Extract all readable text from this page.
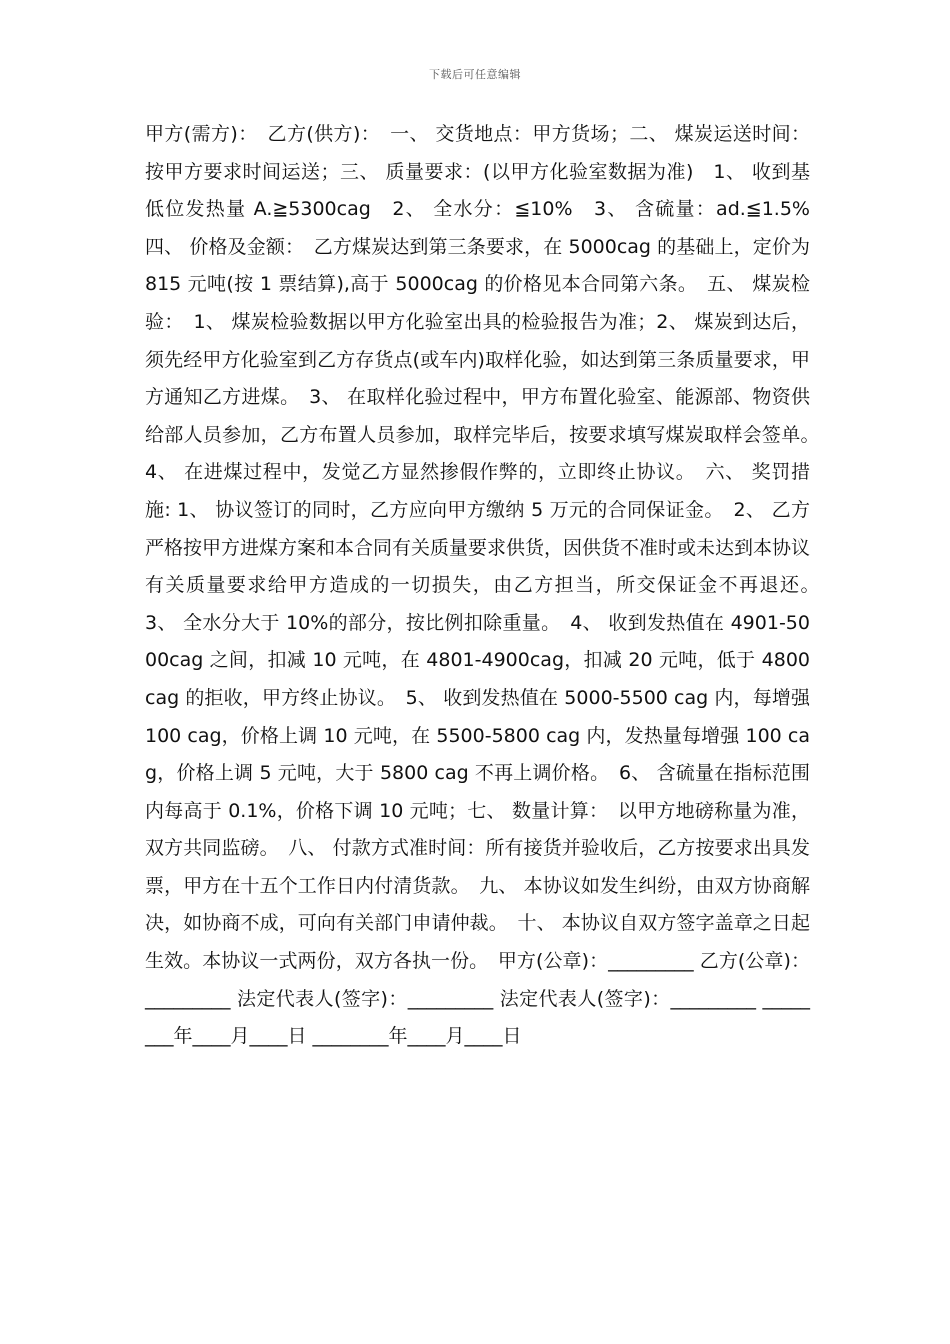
下载后可任意编辑

甲方(需方)：　乙方(供方)：　一、 交货地点：甲方货场；二、 煤炭运送时间：按甲方要求时间运送；三、 质量要求：(以甲方化验室数据为准)　1、 收到基低位发热量 A.≧5300cag　2、 全水分：≦10%　3、 含硫量：ad.≦1.5%　四、 价格及金额：　乙方煤炭达到第三条要求，在 5000cag 的基础上，定价为 815 元吨(按 1 票结算),高于 5000cag 的价格见本合同第六条。　五、 煤炭检验：　1、 煤炭检验数据以甲方化验室出具的检验报告为准；2、 煤炭到达后，须先经甲方化验室到乙方存货点(或车内)取样化验，如达到第三条质量要求，甲方通知乙方进煤。　3、 在取样化验过程中，甲方布置化验室、能源部、物资供给部人员参加，乙方布置人员参加，取样完毕后，按要求填写煤炭取样会签单。　4、 在进煤过程中，发觉乙方显然掺假作弊的，立即终止协议。　六、 奖罚措施: 1、 协议签订的同时，乙方应向甲方缴纳 5 万元的合同保证金。　2、 乙方严格按甲方进煤方案和本合同有关质量要求供货，因供货不准时或未达到本协议有关质量要求给甲方造成的一切损失，由乙方担当，所交保证金不再退还。　3、 全水分大于 10%的部分，按比例扣除重量。　4、 收到发热值在 4901-5000cag 之间，扣减 10 元吨，在 4801-4900cag，扣减 20 元吨，低于 4800 cag 的拒收，甲方终止协议。　5、 收到发热值在 5000-5500 cag 内，每增强 100 cag，价格上调 10 元吨，在 5500-5800 cag 内，发热量每增强 100 cag，价格上调 5 元吨，大于 5800 cag 不再上调价格。　6、 含硫量在指标范围内每高于 0.1%，价格下调 10 元吨；七、 数量计算：　以甲方地磅称量为准，双方共同监磅。　八、 付款方式准时间：所有接货并验收后，乙方按要求出具发票，甲方在十五个工作日内付清货款。　九、 本协议如发生纠纷，由双方协商解决，如协商不成，可向有关部门申请仲裁。　十、 本协议自双方签字盖章之日起生效。本协议一式两份，双方各执一份。　甲方(公章)：_________ 乙方(公章)：_________ 法定代表人(签字)：_________ 法定代表人(签字)：_________ ________年____月____日 ________年____月____日
